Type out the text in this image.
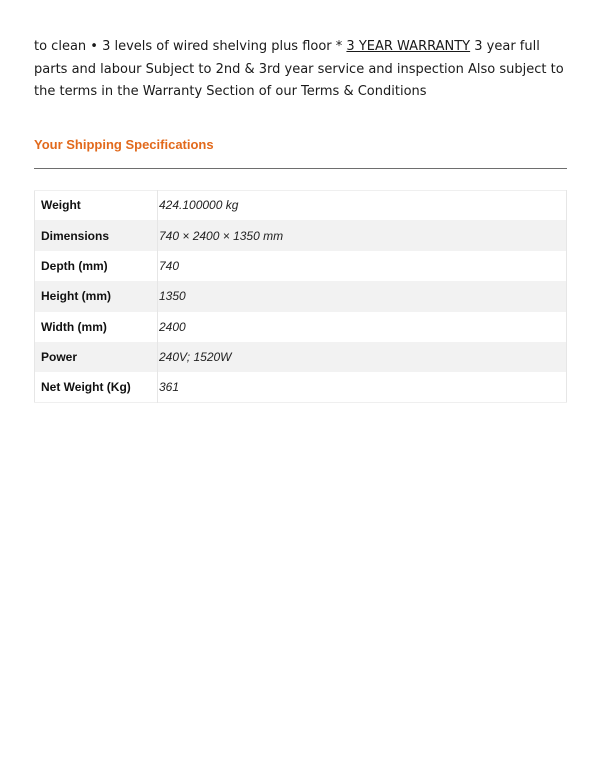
to clean • 3 levels of wired shelving plus floor * 3 YEAR WARRANTY 3 year full parts and labour Subject to 2nd & 3rd year service and inspection Also subject to the terms in the Warranty Section of our Terms & Conditions

Your Shipping Specifications
Weight	424.100000 kg
Dimensions	740 × 2400 × 1350 mm
Depth (mm)	740
Height (mm)	1350
Width (mm)	2400
Power	240V; 1520W
Net Weight (Kg)	361
